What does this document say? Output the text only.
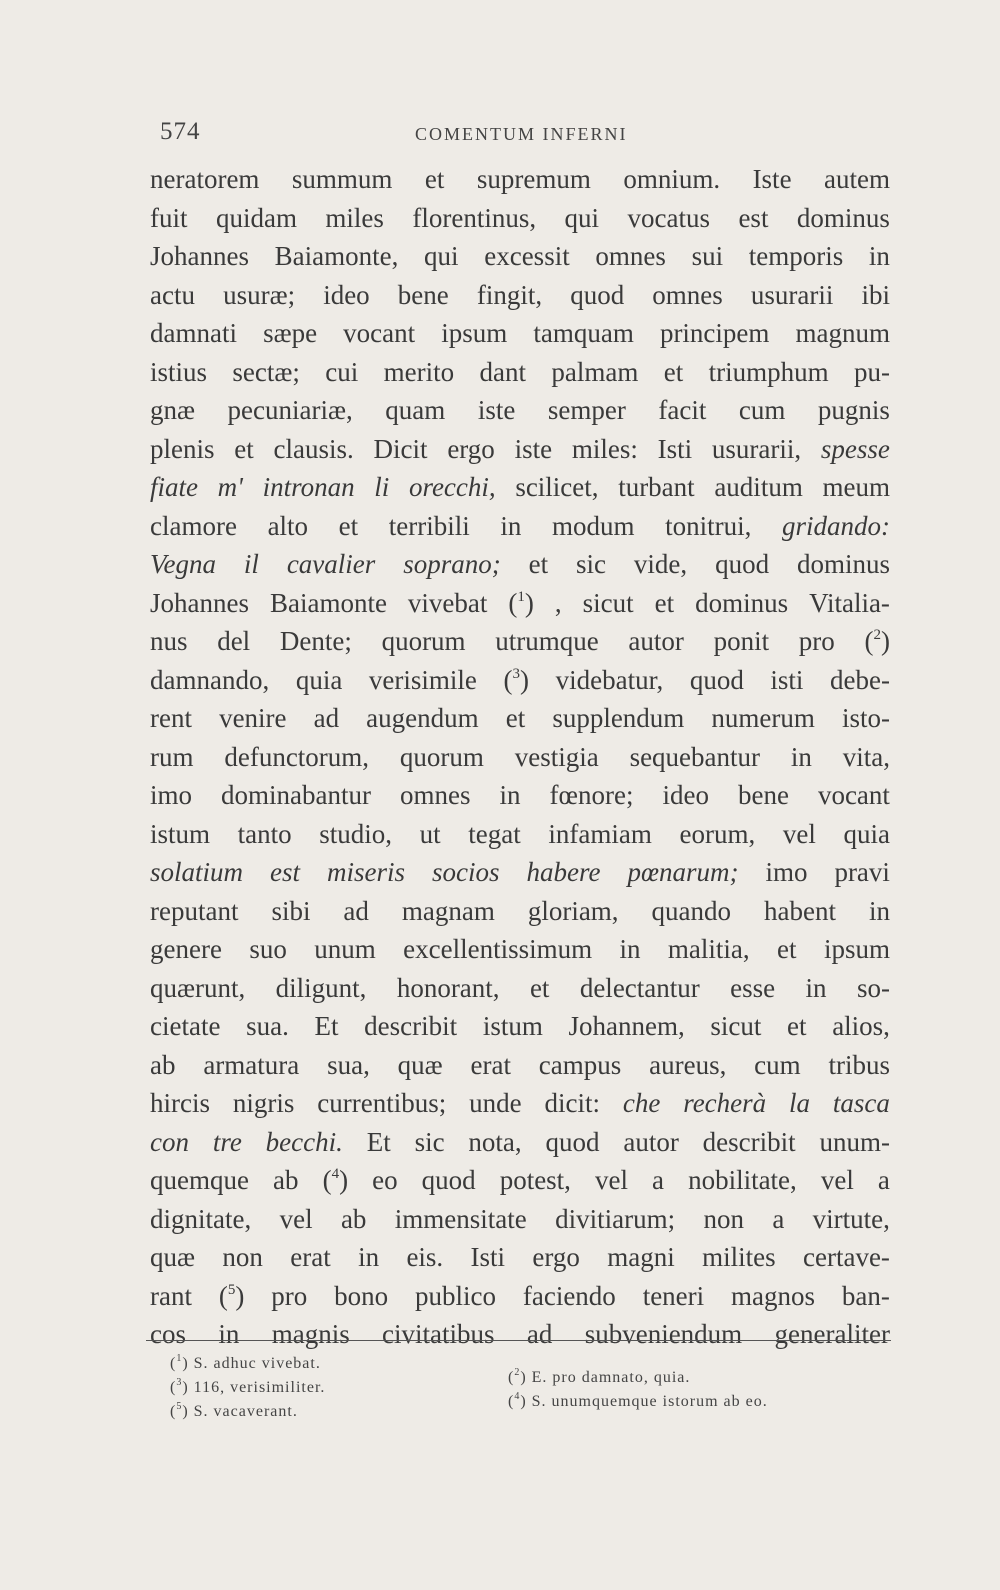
574	COMENTUM INFERNI
neratorem summum et supremum omnium. Iste autem
fuit quidam miles florentinus, qui vocatus est dominus
Johannes Baiamonte, qui excessit omnes sui temporis in
actu usuræ; ideo bene fingit, quod omnes usurarii ibi
damnati sæpe vocant ipsum tamquam principem magnum
istius sectæ; cui merito dant palmam et triumphum pu-
gnæ pecuniariæ, quam iste semper facit cum pugnis
plenis et clausis. Dicit ergo iste miles: Isti usurarii, spesse
fiate m' intronan li orecchi, scilicet, turbant auditum meum
clamore alto et terribili in modum tonitrui, gridando:
Vegna il cavalier soprano; et sic vide, quod dominus
Johannes Baiamonte vivebat ($^1$) , sicut et dominus Vitalia-
nus del Dente; quorum utrumque autor ponit pro ($^2$)
damnando, quia verisimile ($^3$) videbatur, quod isti debe-
rent venire ad augendum et supplendum numerum isto-
rum defunctorum, quorum vestigia sequebantur in vita,
imo dominabantur omnes in fœnore; ideo bene vocant
istum tanto studio, ut tegat infamiam eorum, vel quia
solatium est miseris socios habere pœnarum; imo pravi
reputant sibi ad magnam gloriam, quando habent in
genere suo unum excellentissimum in malitia, et ipsum
quærunt, diligunt, honorant, et delectantur esse in so-
cietate sua. Et describit istum Johannem, sicut et alios,
ab armatura sua, quæ erat campus aureus, cum tribus
hircis nigris currentibus; unde dicit: che recherà la tasca
con tre becchi. Et sic nota, quod autor describit unum-
quemque ab ($^4$) eo quod potest, vel a nobilitate, vel a
dignitate, vel ab immensitate divitiarum; non a virtute,
quæ non erat in eis. Isti ergo magni milites certave-
rant ($^5$) pro bono publico faciendo teneri magnos ban-
cos in magnis civitatibus ad subveniendum generaliter
($^1$) S. adhuc vivebat.
($^3$) 116, verisimiliter.
($^5$) S. vacaverant.
($^2$) E. pro damnato, quia.
($^4$) S. unumquemque istorum ab eo.
